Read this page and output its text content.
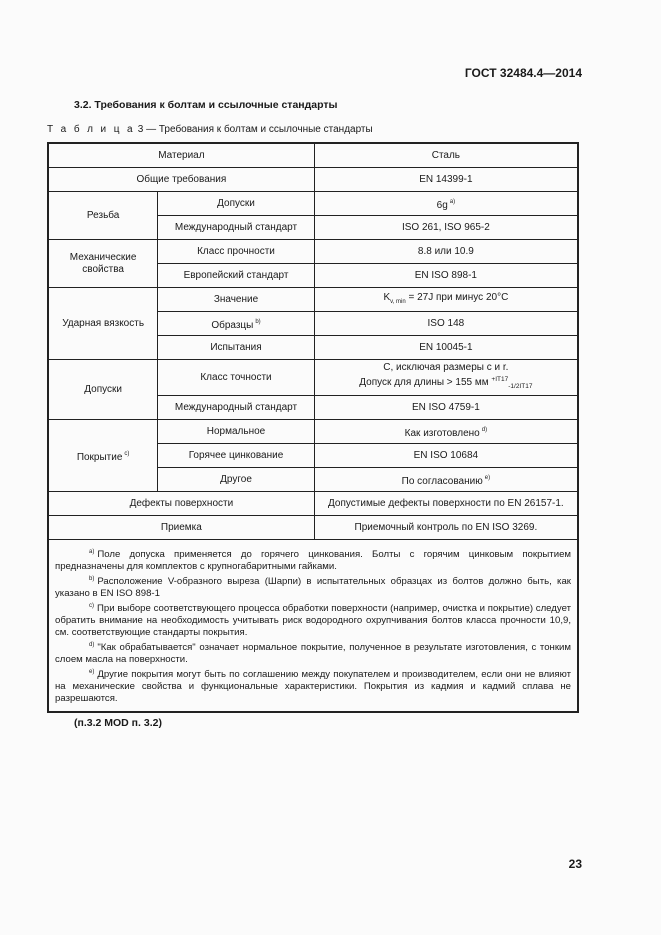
ГОСТ 32484.4—2014
3.2. Требования к болтам и ссылочные стандарты
Т а б л и ц а 3 — Требования к болтам и ссылочные стандарты
Материал		Сталь
Общие требования		EN 14399-1
Резьба	Допуски	6g $^{а)}$
	Международный стандарт	ISO 261, ISO 965-2
Механические свойства	Класс прочности	8.8 или 10.9
	Европейский стандарт	EN ISO 898-1
Ударная вязкость	Значение	$K_{v, min} = 27J$ при минус 20°С
	Образцы $^{b)}$	ISO 148
	Испытания	EN 10045-1
Допуски	Класс точности	С, исключая размеры c и r.
Допуск для длины > 155 мм $^{+IT17}_{-1/2IT17}$

	Международный стандарт	EN ISO 4759-1
Покрытие $^{с)}$	Нормальное	Как изготовлено $^{d)}$
	Горячее цинкование	EN ISO 10684
	Другое	По согласованию $^{e)}$
Дефекты поверхности		Допустимые дефекты поверхности по EN 26157-1.
Приемка		Приемочный контроль по EN ISO 3269.

$^{а)}$ Поле допуска применяется до горячего цинкования. Болты с горячим цинковым покрытием предназначены для комплектов с крупногабаритными гайками.
$^{b)}$ Расположение V-образного выреза (Шарпи) в испытательных образцах из болтов должно быть, как указано в EN ISO 898-1
$^{с)}$ При выборе соответствующего процесса обработки поверхности (например, очистка и покрытие) следует обратить внимание на необходимость учитывать риск водородного охрупчивания болтов класса прочности 10,9, см. соответствующие стандарты покрытия.
$^{d)}$ "Как обрабатывается" означает нормальное покрытие, полученное в результате изготовления, с тонким слоем масла на поверхности.
$^{е)}$ Другие покрытия могут быть по соглашению между покупателем и производителем, если они не влияют на механические свойства и функциональные характеристики. Покрытия из кадмия и кадмий сплава не разрешаются.		
(п.3.2 MOD п. 3.2)
23
